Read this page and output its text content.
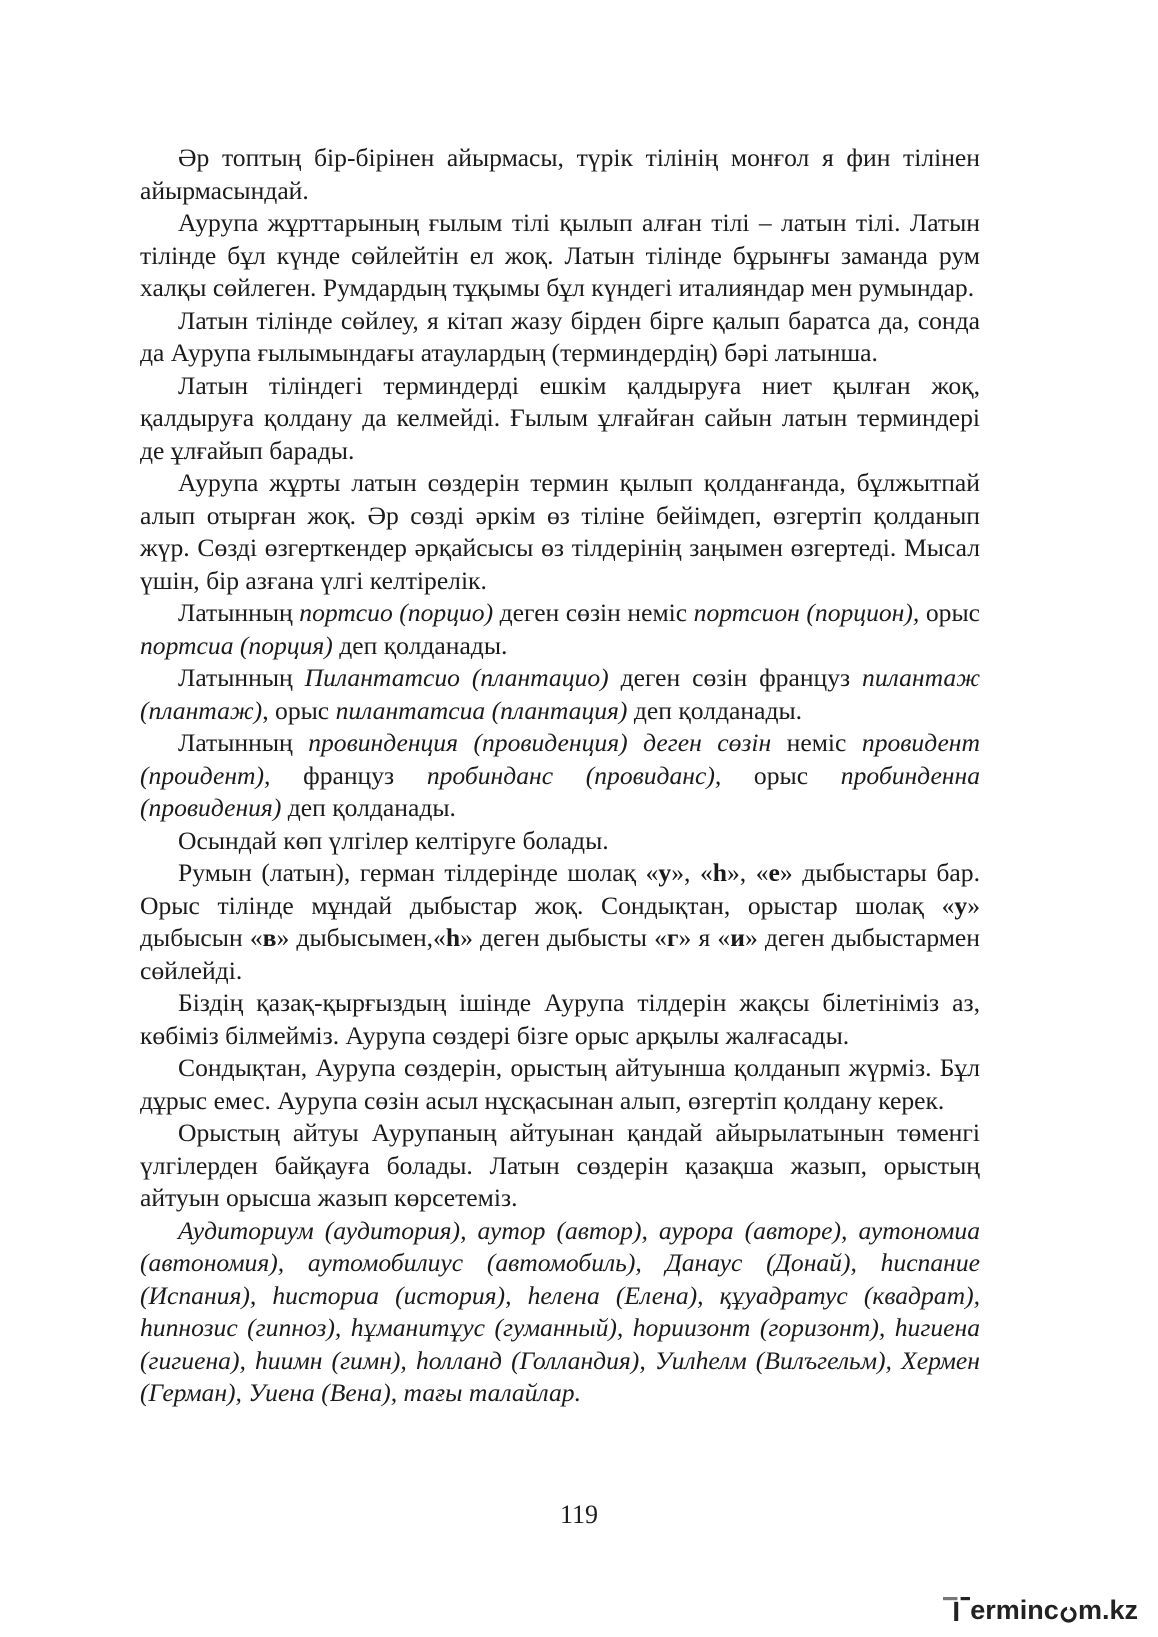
Әр топтың бір-бірінен айырмасы, түрік тілінің монғол я фин тілінен айырмасындай.

Аурупа жұрттарының ғылым тілі қылып алған тілі – латын тілі. Латын тілінде бұл күнде сөйлейтін ел жоқ. Латын тілінде бұрынғы заманда рум халқы сөйлеген. Румдардың тұқымы бұл күндегі италияндар мен румындар.

Латын тілінде сөйлеу, я кітап жазу бірден бірге қалып баратса да, сонда да Аурупа ғылымындағы атаулардың (терминдердің) бәрі латынша.

Латын тіліндегі терминдерді ешкім қалдыруға ниет қылған жоқ, қалдыруға қолдану да келмейді. Ғылым ұлғайған сайын латын терминдері де ұлғайып барады.

Аурупа жұрты латын сөздерін термин қылып қолданғанда, бұлжытпай алып отырған жоқ. Әр сөзді әркім өз тіліне бейімдеп, өзгертіп қолданып жүр. Сөзді өзгерткендер әрқайсысы өз тілдерінің заңымен өзгертеді. Мысал үшін, бір азғана үлгі келтірелік.

Латынның портсио (порцио) деген сөзін неміс портсион (порцион), орыс портсиа (порция) деп қолданады.

Латынның Пилантатсио (плантацио) деген сөзін француз пилантаж (плантаж), орыс пилантатсиа (плантация) деп қолданады.

Латынның провинденция (провиденция) деген сөзін неміс провидент (проидент), француз пробинданс (провиданс), орыс пробинденна (провидения) деп қолданады.

Осындай көп үлгілер келтіруге болады.

Румын (латын), герман тілдерінде шолақ «у», «һ», «е» дыбыстары бар. Орыс тілінде мұндай дыбыстар жоқ. Сондықтан, орыстар шолақ «у» дыбысын «в» дыбысымен,«һ» деген дыбысты «г» я «и» деген дыбыстармен сөйлейді.

Біздің қазақ-қырғыздың ішінде Аурупа тілдерін жақсы білетініміз аз, көбіміз білмейміз. Аурупа сөздері бізге орыс арқылы жалғасады.

Сондықтан, Аурупа сөздерін, орыстың айтуынша қолданып жүрміз. Бұл дұрыс емес. Аурупа сөзін асыл нұсқасынан алып, өзгертіп қолдану керек.

Орыстың айтуы Аурупаның айтуынан қандай айырылатынын төменгі үлгілерден байқауға болады. Латын сөздерін қазақша жазып, орыстың айтуын орысша жазып көрсетеміз.

Аудиториум (аудитория), аутор (автор), аурора (авторе), аутономиа (автономия), аутомобилиус (автомобиль), Данаус (Донай), һиспание (Испания), һисториа (история), һелена (Елена), құуадратус (квадрат), һипнозис (гипноз), һұманитұус (гуманный), һориизонт (горизонт), һигиена (гигиена), һиимн (гимн), һолланд (Голландия), Уилһелм (Вилъгельм), Хермен (Герман), Уиена (Вена), тағы талайлар.

119
erminc m.kz
